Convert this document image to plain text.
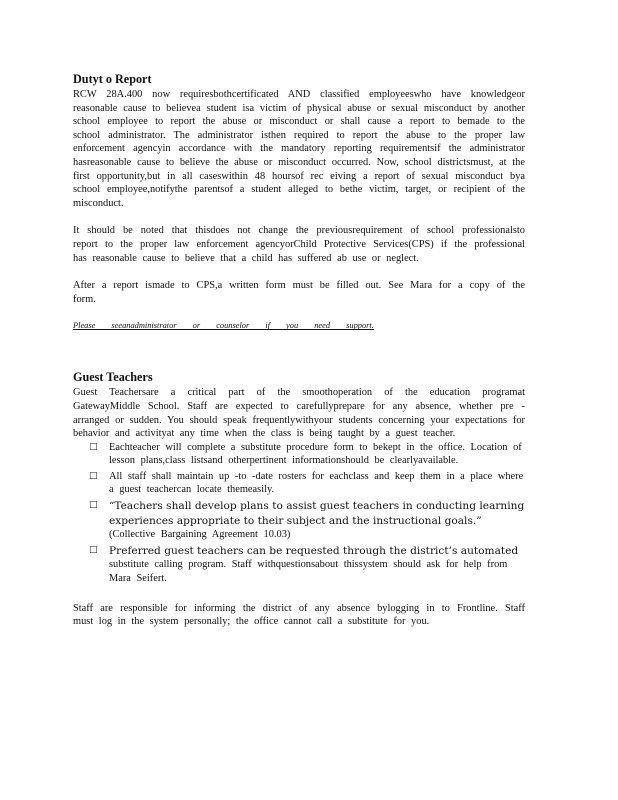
Dutyt o Report

RCW 28A.400 now requiresbothcertificated AND classified employeeswho have knowledgeor reasonable cause to believea student isa victim of physical abuse or sexual misconduct by another school employee to report the abuse or misconduct or shall cause a report to bemade to the school administrator. The administrator isthen required to report the abuse to the proper law enforcement agencyin accordance with the mandatory reporting requirementsif the administrator hasreasonable cause to believe the abuse or misconduct occurred. Now, school districtsmust, at the first opportunity,but in all caseswithin 48 hoursof rec eiving a report of sexual misconduct bya school employee,notifythe parentsof a student alleged to bethe victim, target, or recipient of the misconduct.

It should be noted that thisdoes not change the previousrequirement of school professionalsto report to the proper law enforcement agencyorChild Protective Services(CPS) if the professional has reasonable cause to believe that a child has suffered ab use or neglect.

After a report ismade to CPS,a written form must be filled out. See Mara for a copy of the form.

Please seeanadministrator or counselor if you need support.

Guest Teachers

Guest Teachersare a critical part of the smoothoperation of the education programat GatewayMiddle School. Staff are expected to carefullyprepare for any absence, whether pre -arranged or sudden. You should speak frequentlywithyour students concerning your expectations for behavior and activityat any time when the class is being taught by a guest teacher.

□ Eachteacher will complete a substitute procedure form to bekept in the office. Location of lesson plans,class listsand otherpertinent informationshould be clearlyavailable.
□ All staff shall maintain up -to -date rosters for eachclass and keep them in a place where a guest teachercan locate themeasily.
□ “Teachers shall develop plans to assist guest teachers in conducting learning experiences appropriate to their subject and the instructional goals.” (Collective Bargaining Agreement 10.03)
□ Preferred guest teachers can be requested through the district’s automated substitute calling program. Staff withquestionsabout thissystem should ask for help from Mara Seifert.

Staff are responsible for informing the district of any absence bylogging in to Frontline. Staff must log in the system personally; the office cannot call a substitute for you.
